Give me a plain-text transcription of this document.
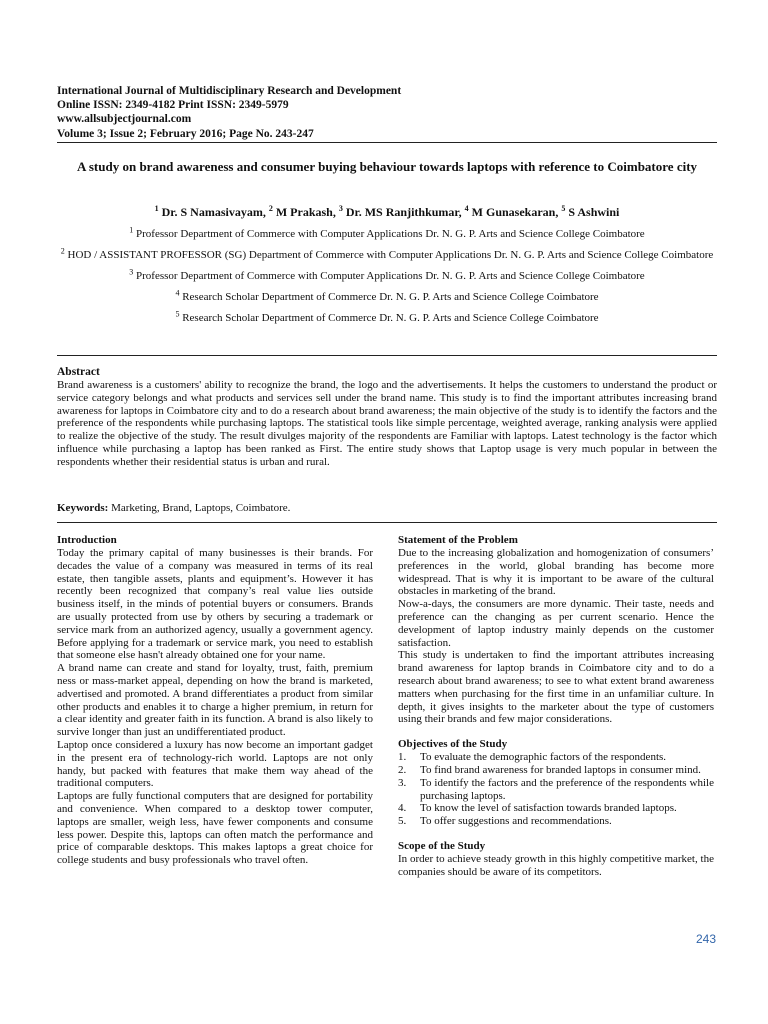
International Journal of Multidisciplinary Research and Development
Online ISSN: 2349-4182 Print ISSN: 2349-5979
www.allsubjectjournal.com
Volume 3; Issue 2; February 2016; Page No. 243-247
A study on brand awareness and consumer buying behaviour towards laptops with reference to Coimbatore city
$^1$ Dr. S Namasivayam, $^2$ M Prakash, $^3$ Dr. MS Ranjithkumar, $^4$ M Gunasekaran, $^5$ S Ashwini
$^1$ Professor Department of Commerce with Computer Applications Dr. N. G. P. Arts and Science College Coimbatore
$^2$ HOD / ASSISTANT PROFESSOR (SG) Department of Commerce with Computer Applications Dr. N. G. P. Arts and Science College Coimbatore
$^3$ Professor Department of Commerce with Computer Applications Dr. N. G. P. Arts and Science College Coimbatore
$^4$ Research Scholar Department of Commerce Dr. N. G. P. Arts and Science College Coimbatore
$^5$ Research Scholar Department of Commerce Dr. N. G. P. Arts and Science College Coimbatore
Abstract
Brand awareness is a customers' ability to recognize the brand, the logo and the advertisements. It helps the customers to understand the product or service category belongs and what products and services sell under the brand name. This study is to find the important attributes increasing brand awareness for laptops in Coimbatore city and to do a research about brand awareness; the main objective of the study is to identify the factors and the preference of the respondents while purchasing laptops. The statistical tools like simple percentage, weighted average, ranking analysis were applied to realize the objective of the study. The result divulges majority of the respondents are Familiar with laptops. Latest technology is the factor which influence while purchasing a laptop has been ranked as First. The entire study shows that Laptop usage is very much popular in between the respondents whether their residential status is urban and rural.
Keywords: Marketing, Brand, Laptops, Coimbatore.
Introduction

Today the primary capital of many businesses is their brands. For decades the value of a company was measured in terms of its real estate, then tangible assets, plants and equipment’s. However it has recently been recognized that company’s real value lies outside business itself, in the minds of potential buyers or consumers. Brands are usually protected from use by others by securing a trademark or service mark from an authorized agency, usually a government agency. Before applying for a trademark or service mark, you need to establish that someone else hasn't already obtained one for your name.

A brand name can create and stand for loyalty, trust, faith, premium ness or mass-market appeal, depending on how the brand is marketed, advertised and promoted. A brand differentiates a product from similar other products and enables it to charge a higher premium, in return for a clear identity and greater faith in its function. A brand is also likely to survive longer than just an undifferentiated product.

Laptop once considered a luxury has now become an important gadget in the present era of technology-rich world. Laptops are not only handy, but packed with features that make them way ahead of the traditional computers.

Laptops are fully functional computers that are designed for portability and convenience. When compared to a desktop tower computer, laptops are smaller, weigh less, have fewer components and consume less power. Despite this, laptops can often match the performance and price of comparable desktops. This makes laptops a great choice for college students and busy professionals who travel often.

Statement of the Problem

Due to the increasing globalization and homogenization of consumers’ preferences in the world, global branding has become more widespread. That is why it is important to be aware of the cultural obstacles in marketing of the brand.

Now-a-days, the consumers are more dynamic. Their taste, needs and preference can the changing as per current scenario. Hence the development of laptop industry mainly depends on the customer satisfaction.

This study is undertaken to find the important attributes increasing brand awareness for laptop brands in Coimbatore city and to do a research about brand awareness; to see to what extent brand awareness matters when purchasing for the first time in an unfamiliar culture. In depth, it gives insights to the marketer about the type of customers using their brands and few major considerations.

Objectives of the Study
1. To evaluate the demographic factors of the respondents.
2. To find brand awareness for branded laptops in consumer mind.
3. To identify the factors and the preference of the respondents while purchasing laptops.
4. To know the level of satisfaction towards branded laptops.
5. To offer suggestions and recommendations.
Scope of the Study

In order to achieve steady growth in this highly competitive market, the companies should be aware of its competitors.

243
